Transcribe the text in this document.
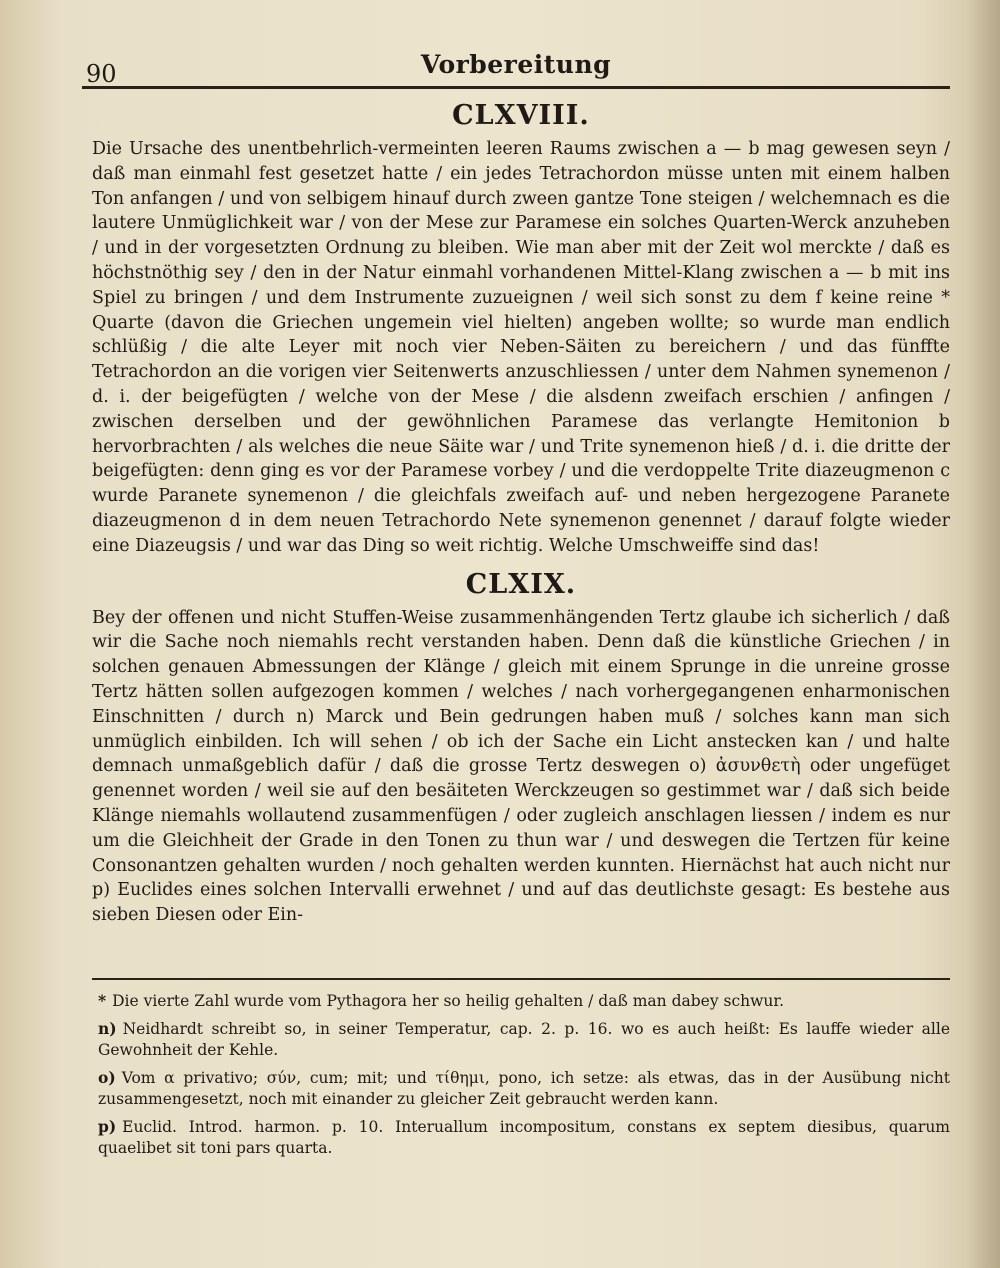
90	Vorbereitung
CLXVIII.

Die Ursache des unentbehrlich-vermeinten leeren Raums zwischen a — b mag gewesen seyn / daß man einmahl fest gesetzet hatte / ein jedes Tetrachordon müsse unten mit einem halben Ton anfangen / und von selbigem hinauf durch zween gantze Tone steigen / welchemnach es die lautere Unmüglichkeit war / von der Mese zur Paramese ein solches Quarten-Werck anzuheben / und in der vorgesetzten Ordnung zu bleiben. Wie man aber mit der Zeit wol merckte / daß es höchstnöthig sey / den in der Natur einmahl vorhandenen Mittel-Klang zwischen a — b mit ins Spiel zu bringen / und dem Instrumente zuzueignen / weil sich sonst zu dem f keine reine * Quarte (davon die Griechen ungemein viel hielten) angeben wollte; so wurde man endlich schlüßig / die alte Leyer mit noch vier Neben-Säiten zu bereichern / und das fünffte Tetrachordon an die vorigen vier Seitenwerts anzuschliessen / unter dem Nahmen synemenon / d. i. der beigefügten / welche von der Mese / die alsdenn zweifach erschien / anfingen / zwischen derselben und der gewöhnlichen Paramese das verlangte Hemitonion b hervorbrachten / als welches die neue Säite war / und Trite synemenon hieß / d. i. die dritte der beigefügten: denn ging es vor der Paramese vorbey / und die verdoppelte Trite diazeugmenon c wurde Paranete synemenon / die gleichfals zweifach auf- und neben hergezogene Paranete diazeugmenon d in dem neuen Tetrachordo Nete synemenon genennet / darauf folgte wieder eine Diazeugsis / und war das Ding so weit richtig. Welche Umschweiffe sind das!

CLXIX.

Bey der offenen und nicht Stuffen-Weise zusammenhängenden Tertz glaube ich sicherlich / daß wir die Sache noch niemahls recht verstanden haben. Denn daß die künstliche Griechen / in solchen genauen Abmessungen der Klänge / gleich mit einem Sprunge in die unreine grosse Tertz hätten sollen aufgezogen kommen / welches / nach vorhergegangenen enharmonischen Einschnitten / durch n) Marck und Bein gedrungen haben muß / solches kann man sich unmüglich einbilden. Ich will sehen / ob ich der Sache ein Licht anstecken kan / und halte demnach unmaßgeblich dafür / daß die grosse Tertz deswegen o) ἀσυνθετὴ oder ungefüget genennet worden / weil sie auf den besäiteten Werckzeugen so gestimmet war / daß sich beide Klänge niemahls wollautend zusammenfügen / oder zugleich anschlagen liessen / indem es nur um die Gleichheit der Grade in den Tonen zu thun war / und deswegen die Tertzen für keine Consonantzen gehalten wurden / noch gehalten werden kunnten. Hiernächst hat auch nicht nur p) Euclides eines solchen Intervalli erwehnet / und auf das deutlichste gesagt: Es bestehe aus sieben Diesen oder Ein-

* Die vierte Zahl wurde vom Pythagora her so heilig gehalten / daß man dabey schwur.

n) Neidhardt schreibt so, in seiner Temperatur, cap. 2. p. 16. wo es auch heißt: Es lauffe wieder alle Gewohnheit der Kehle.

o) Vom α privativo; σύν, cum; mit; und τίθημι, pono, ich setze: als etwas, das in der Ausübung nicht zusammengesetzt, noch mit einander zu gleicher Zeit gebraucht werden kann.

p) Euclid. Introd. harmon. p. 10. Interuallum incompositum, constans ex septem diesibus, quarum quaelibet sit toni pars quarta.
